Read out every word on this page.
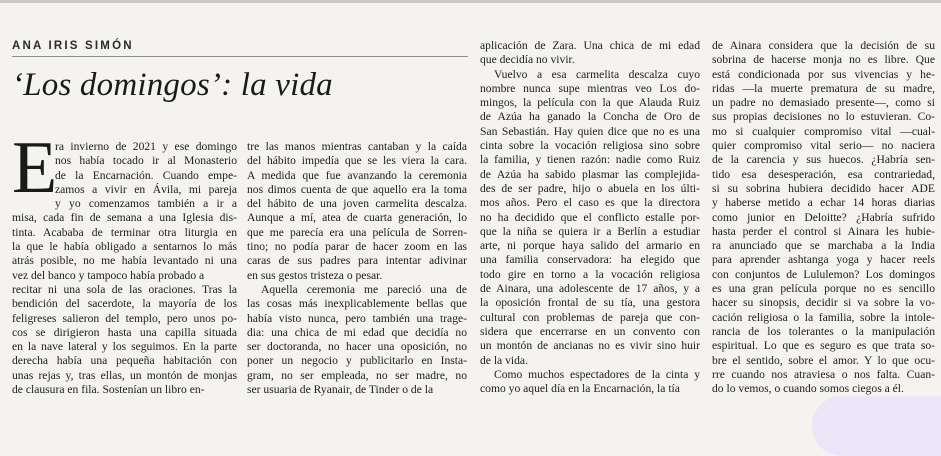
ANA IRIS SIMÓN
‘Los domingos’: la vida
E
ra invierno de 2021 y ese domingo
nos había tocado ir al Monasterio
de la Encarnación. Cuando empe-
zamos a vivir en Ávila, mi pareja
y yo comenzamos también a ir a
misa, cada fin de semana a una Iglesia dis-
tinta. Acababa de terminar otra liturgia en
la que le había obligado a sentarnos lo más
atrás posible, no me había levantado ni una
vez del banco y tampoco había probado a
recitar ni una sola de las oraciones. Tras la
bendición del sacerdote, la mayoría de los
feligreses salieron del templo, pero unos po-
cos se dirigieron hasta una capilla situada
en la nave lateral y los seguimos. En la parte
derecha había una pequeña habitación con
unas rejas y, tras ellas, un montón de monjas
de clausura en fila. Sostenían un libro en-
tre las manos mientras cantaban y la caída
del hábito impedía que se les viera la cara.
A medida que fue avanzando la ceremonia
nos dimos cuenta de que aquello era la toma
del hábito de una joven carmelita descalza.
Aunque a mí, atea de cuarta generación, lo
que me parecía era una película de Sorren-
tino; no podía parar de hacer zoom en las
caras de sus padres para intentar adivinar
en sus gestos tristeza o pesar.
Aquella ceremonia me pareció una de
las cosas más inexplicablemente bellas que
había visto nunca, pero también una trage-
dia: una chica de mi edad que decidía no
ser doctoranda, no hacer una oposición, no
poner un negocio y publicitarlo en Insta-
gram, no ser empleada, no ser madre, no
ser usuaria de Ryanair, de Tinder o de la
aplicación de Zara. Una chica de mi edad
que decidía no vivir.
Vuelvo a esa carmelita descalza cuyo
nombre nunca supe mientras veo Los do-
mingos, la película con la que Alauda Ruiz
de Azúa ha ganado la Concha de Oro de
San Sebastián. Hay quien dice que no es una
cinta sobre la vocación religiosa sino sobre
la familia, y tienen razón: nadie como Ruiz
de Azúa ha sabido plasmar las complejida-
des de ser padre, hijo o abuela en los últi-
mos años. Pero el caso es que la directora
no ha decidido que el conflicto estalle por-
que la niña se quiera ir a Berlín a estudiar
arte, ni porque haya salido del armario en
una familia conservadora: ha elegido que
todo gire en torno a la vocación religiosa
de Ainara, una adolescente de 17 años, y a
la oposición frontal de su tía, una gestora
cultural con problemas de pareja que con-
sidera que encerrarse en un convento con
un montón de ancianas no es vivir sino huir
de la vida.
Como muchos espectadores de la cinta y
como yo aquel día en la Encarnación, la tía
de Ainara considera que la decisión de su
sobrina de hacerse monja no es libre. Que
está condicionada por sus vivencias y he-
ridas —la muerte prematura de su madre,
un padre no demasiado presente—, como si
sus propias decisiones no lo estuvieran. Co-
mo si cualquier compromiso vital —cual-
quier compromiso vital serio— no naciera
de la carencia y sus huecos. ¿Habría sen-
tido esa desesperación, esa contrariedad,
si su sobrina hubiera decidido hacer ADE
y haberse metido a echar 14 horas diarias
como junior en Deloitte? ¿Habría sufrido
hasta perder el control si Ainara les hubie-
ra anunciado que se marchaba a la India
para aprender ashtanga yoga y hacer reels
con conjuntos de Lululemon? Los domingos
es una gran película porque no es sencillo
hacer su sinopsis, decidir si va sobre la vo-
cación religiosa o la familia, sobre la intole-
rancia de los tolerantes o la manipulación
espiritual. Lo que es seguro es que trata so-
bre el sentido, sobre el amor. Y lo que ocu-
rre cuando nos atraviesa o nos falta. Cuan-
do lo vemos, o cuando somos ciegos a él.
